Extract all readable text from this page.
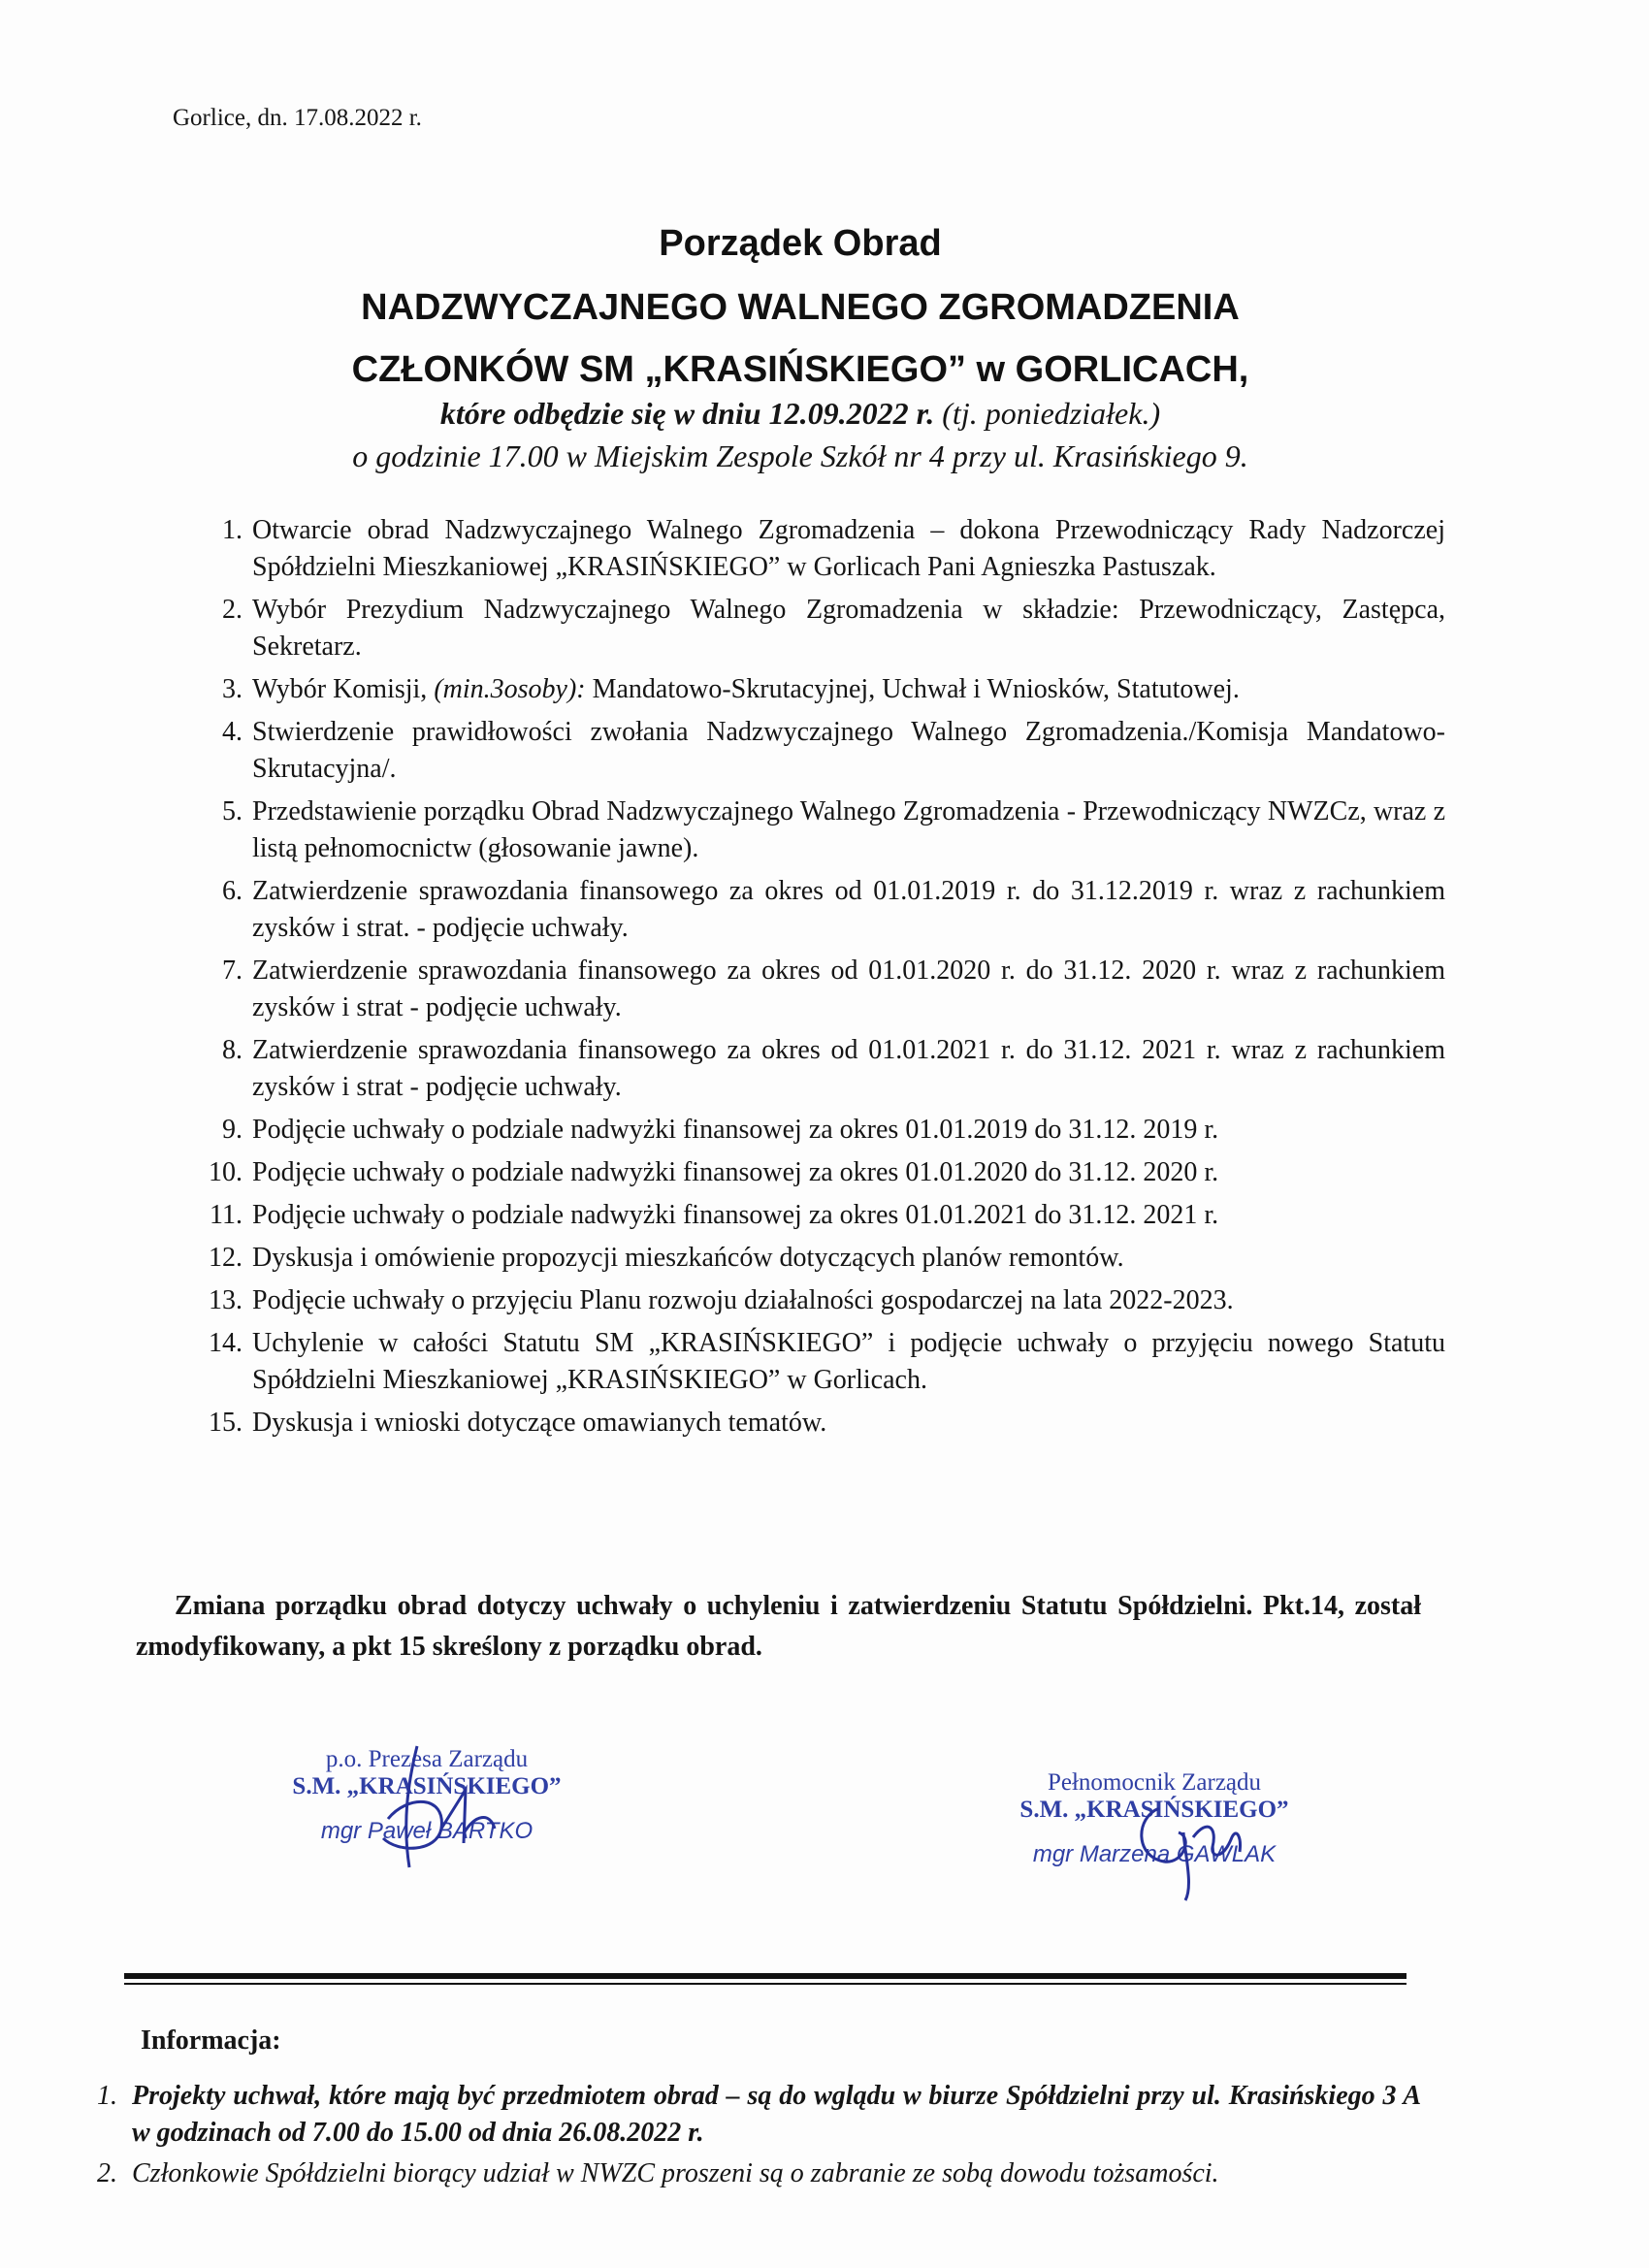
Gorlice, dn. 17.08.2022 r.
Porządek Obrad
NADZWYCZAJNEGO WALNEGO ZGROMADZENIA
CZŁONKÓW SM „KRASIŃSKIEGO” w GORLICACH,
które odbędzie się w dniu 12.09.2022 r. (tj. poniedziałek.)
o godzinie 17.00 w Miejskim Zespole Szkół nr 4 przy ul. Krasińskiego 9.
1. Otwarcie obrad Nadzwyczajnego Walnego Zgromadzenia – dokona Przewodniczący Rady Nadzorczej Spółdzielni Mieszkaniowej „KRASIŃSKIEGO” w Gorlicach Pani Agnieszka Pastuszak.
2. Wybór Prezydium Nadzwyczajnego Walnego Zgromadzenia w składzie: Przewodniczący, Zastępca, Sekretarz.
3. Wybór Komisji, (min.3osoby): Mandatowo-Skrutacyjnej, Uchwał i Wniosków, Statutowej.
4. Stwierdzenie prawidłowości zwołania Nadzwyczajnego Walnego Zgromadzenia./Komisja Mandatowo-Skrutacyjna/.
5. Przedstawienie porządku Obrad Nadzwyczajnego Walnego Zgromadzenia - Przewodniczący NWZCz, wraz z listą pełnomocnictw (głosowanie jawne).
6. Zatwierdzenie sprawozdania finansowego za okres od 01.01.2019 r. do 31.12.2019 r. wraz z rachunkiem zysków i strat. - podjęcie uchwały.
7. Zatwierdzenie sprawozdania finansowego za okres od 01.01.2020 r. do 31.12. 2020 r. wraz z rachunkiem zysków i strat - podjęcie uchwały.
8. Zatwierdzenie sprawozdania finansowego za okres od 01.01.2021 r. do 31.12. 2021 r. wraz z rachunkiem zysków i strat - podjęcie uchwały.
9. Podjęcie uchwały o podziale nadwyżki finansowej za okres 01.01.2019 do 31.12. 2019 r.
10. Podjęcie uchwały o podziale nadwyżki finansowej za okres 01.01.2020 do 31.12. 2020 r.
11. Podjęcie uchwały o podziale nadwyżki finansowej za okres 01.01.2021 do 31.12. 2021 r.
12. Dyskusja i omówienie propozycji mieszkańców dotyczących planów remontów.
13. Podjęcie uchwały o przyjęciu Planu rozwoju działalności gospodarczej na lata 2022-2023.
14. Uchylenie w całości Statutu SM „KRASIŃSKIEGO” i podjęcie uchwały o przyjęciu nowego Statutu Spółdzielni Mieszkaniowej „KRASIŃSKIEGO” w Gorlicach.
15. Dyskusja i wnioski dotyczące omawianych tematów.
Zmiana porządku obrad dotyczy uchwały o uchyleniu i zatwierdzeniu Statutu Spółdzielni. Pkt.14, został zmodyfikowany, a pkt 15 skreślony z porządku obrad.
p.o. Prezesa Zarządu
S.M. „KRASIŃSKIEGO”
mgr Paweł BARTKO
Pełnomocnik Zarządu
S.M. „KRASIŃSKIEGO”
mgr Marzena GAWLAK
Informacja:
1. Projekty uchwał, które mają być przedmiotem obrad – są do wglądu w biurze Spółdzielni przy ul. Krasińskiego 3 A w godzinach od 7.00 do 15.00 od dnia 26.08.2022 r.
2. Członkowie Spółdzielni biorący udział w NWZC proszeni są o zabranie ze sobą dowodu tożsamości.
